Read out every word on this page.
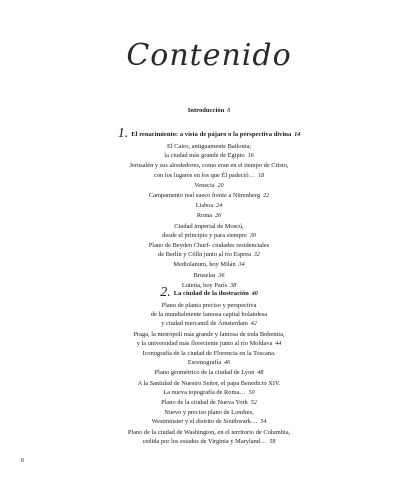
Contenido
Introducción 8
1. El renacimiento: a vista de pájaro o la perspectiva divina 14
El Cairo, antiguamente Bailonia;
la ciudad más grande de Egipto 16
Jerusalén y sus alrededores, como eran en el tiempo de Cristo,
con los lugares en los que Él padeció… 18
Venecia 20
Campamento real sueco frente a Nürenberg 22
Lisboa 24
Roma 26
Ciudad imperial de Moscú,
desde el principio y para siempre 30
Plano de Beyden Churf- ciudades residenciales
de Berlín y Cölln junto al río Esprea 32
Mediolanum, hoy Milán 34
Bruselas 36
Lutetia, hoy París 38
2. La ciudad de la ilustración 40
Plano de planta preciso y perspectiva
de la mundialmente famosa capital holandesa
y ciudad mercantil de Ámsterdam 42
Praga, la metrópoli más grande y famosa de toda Bohemia,
y la universidad más floreciente junto al río Moldava 44
Iconografía de la ciudad de Florencia en la Toscana.
Escenografía 46
Plano geométrico de la ciudad de Lyon 48
A la Santidad de Nuestro Señor, el papa Benedicto XIV.
La nueva topografía de Roma… 50
Plano de la ciudad de Nueva York 52
Nuevo y preciso plano de Londres,
Westminster y el distrito de Southwark… 54
Plano de la ciudad de Washington, en el territorio de Columbia,
cedida por los estados de Virginia y Maryland… 58
6
